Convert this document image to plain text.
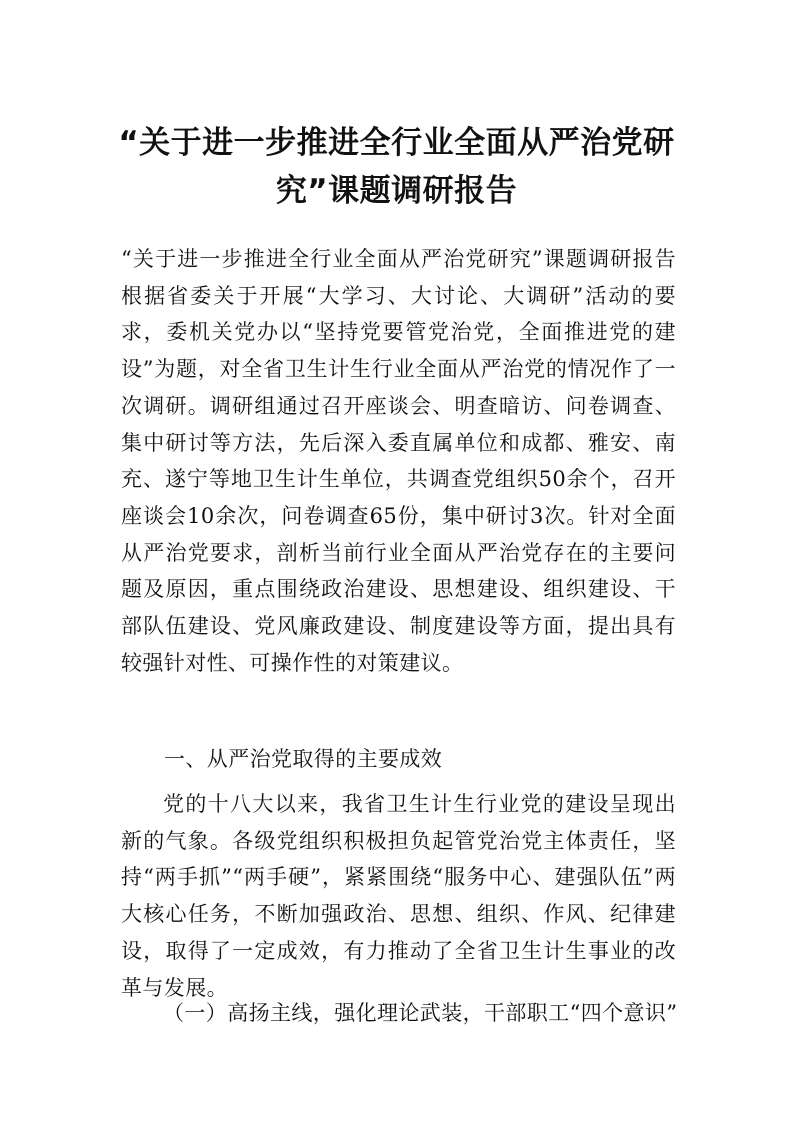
“关于进一步推进全行业全面从严治党研
究”课题调研报告
“关于进一步推进全行业全面从严治党研究”课题调研报告根据省委关于开展“大学习、大讨论、大调研”活动的要求，委机关党办以“坚持党要管党治党，全面推进党的建设”为题，对全省卫生计生行业全面从严治党的情况作了一次调研。调研组通过召开座谈会、明查暗访、问卷调查、集中研讨等方法，先后深入委直属单位和成都、雅安、南充、遂宁等地卫生计生单位，共调查党组织50余个，召开座谈会10余次，问卷调查65份，集中研讨3次。针对全面从严治党要求，剖析当前行业全面从严治党存在的主要问题及原因，重点围绕政治建设、思想建设、组织建设、干部队伍建设、党风廉政建设、制度建设等方面，提出具有较强针对性、可操作性的对策建议。
一、从严治党取得的主要成效
党的十八大以来，我省卫生计生行业党的建设呈现出新的气象。各级党组织积极担负起管党治党主体责任，坚持“两手抓”“两手硬”，紧紧围绕“服务中心、建强队伍”两大核心任务，不断加强政治、思想、组织、作风、纪律建设，取得了一定成效，有力推动了全省卫生计生事业的改革与发展。
（一）高扬主线，强化理论武装，干部职工“四个意识”
